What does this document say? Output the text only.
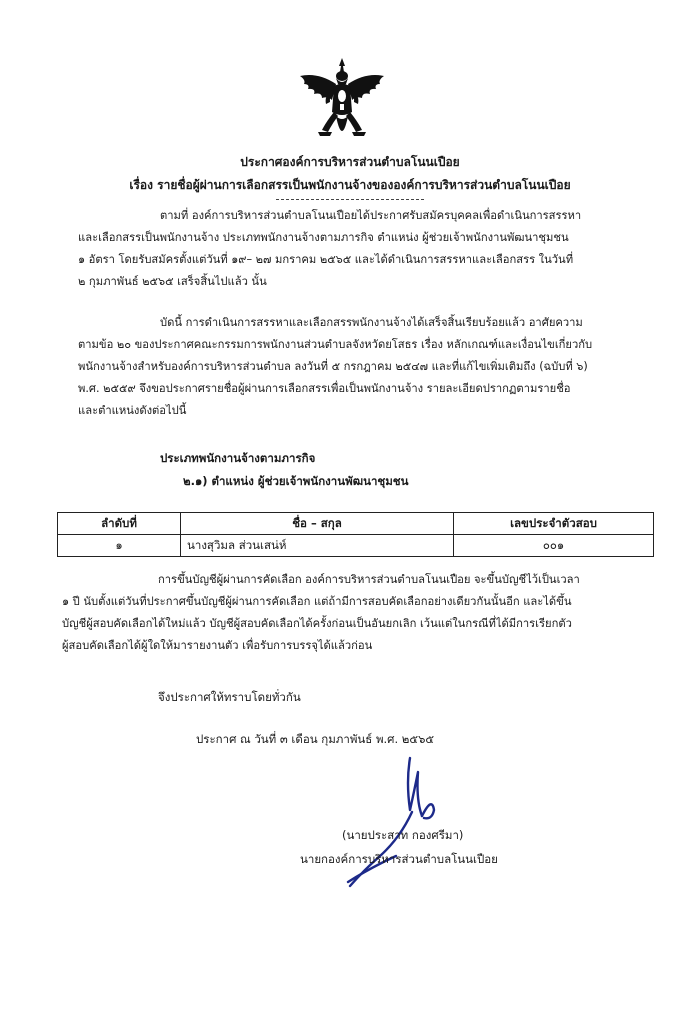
ประกาศองค์การบริหารส่วนตำบลโนนเปือย
เรื่อง รายชื่อผู้ผ่านการเลือกสรรเป็นพนักงานจ้างขององค์การบริหารส่วนตำบลโนนเปือย
ตามที่ องค์การบริหารส่วนตำบลโนนเปือยได้ประกาศรับสมัครบุคคลเพื่อดำเนินการสรรหา
และเลือกสรรเป็นพนักงานจ้าง ประเภทพนักงานจ้างตามภารกิจ ตำแหน่ง ผู้ช่วยเจ้าพนักงานพัฒนาชุมชน
๑ อัตรา โดยรับสมัครตั้งแต่วันที่ ๑๙– ๒๗ มกราคม ๒๕๖๕ และได้ดำเนินการสรรหาและเลือกสรร ในวันที่
๒ กุมภาพันธ์ ๒๕๖๕ เสร็จสิ้นไปแล้ว นั้น
บัดนี้ การดำเนินการสรรหาและเลือกสรรพนักงานจ้างได้เสร็จสิ้นเรียบร้อยแล้ว อาศัยความ
ตามข้อ ๒๐ ของประกาศคณะกรรมการพนักงานส่วนตำบลจังหวัดยโสธร เรื่อง หลักเกณฑ์และเงื่อนไขเกี่ยวกับ
พนักงานจ้างสำหรับองค์การบริหารส่วนตำบล ลงวันที่ ๕ กรกฎาคม ๒๕๔๗ และที่แก้ไขเพิ่มเติมถึง (ฉบับที่ ๖)
พ.ศ. ๒๕๕๙ จึงขอประกาศรายชื่อผู้ผ่านการเลือกสรรเพื่อเป็นพนักงานจ้าง รายละเอียดปรากฏตามรายชื่อ
และตำแหน่งดังต่อไปนี้
ประเภทพนักงานจ้างตามภารกิจ
๒.๑) ตำแหน่ง ผู้ช่วยเจ้าพนักงานพัฒนาชุมชน
ลำดับที่	ชื่อ – สกุล	เลขประจำตัวสอบ
๑	นางสุวิมล ส่วนเสน่ห์	๐๐๑
การขึ้นบัญชีผู้ผ่านการคัดเลือก องค์การบริหารส่วนตำบลโนนเปือย จะขึ้นบัญชีไว้เป็นเวลา
๑ ปี นับตั้งแต่วันที่ประกาศขึ้นบัญชีผู้ผ่านการคัดเลือก แต่ถ้ามีการสอบคัดเลือกอย่างเดียวกันนั้นอีก และได้ขึ้น
บัญชีผู้สอบคัดเลือกได้ใหม่แล้ว บัญชีผู้สอบคัดเลือกได้ครั้งก่อนเป็นอันยกเลิก เว้นแต่ในกรณีที่ได้มีการเรียกตัว
ผู้สอบคัดเลือกได้ผู้ใดให้มารายงานตัว เพื่อรับการบรรจุได้แล้วก่อน
จึงประกาศให้ทราบโดยทั่วกัน
ประกาศ ณ วันที่ ๓ เดือน กุมภาพันธ์ พ.ศ. ๒๕๖๕
(นายประสาท กองศรีมา)
นายกองค์การบริหารส่วนตำบลโนนเปือย
